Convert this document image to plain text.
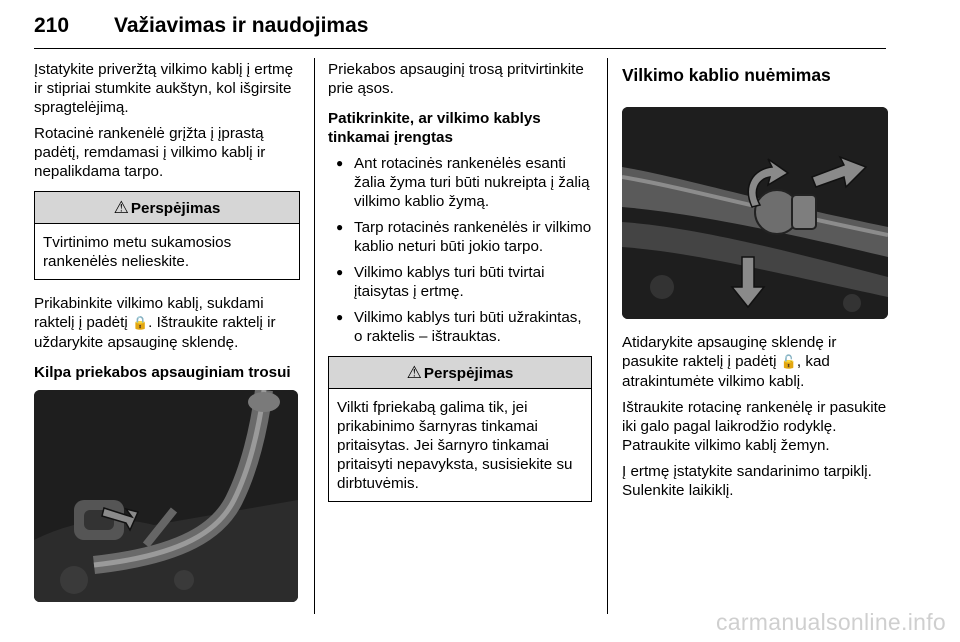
210 Važiavimas ir naudojimas

Įstatykite priveržtą vilkimo kablį į ertmę ir stipriai stumkite aukštyn, kol išgirsite spragtelėjimą.

Rotacinė rankenėlė grįžta į įprastą padėtį, remdamasi į vilkimo kablį ir nepalikdama tarpo.

⚠ Perspėjimas
Tvirtinimo metu sukamosios rankenėlės nelieskite.

Prikabinkite vilkimo kablį, sukdami raktelį į padėtį 🔒. Ištraukite raktelį ir uždarykite apsauginę sklendę.

Kilpa priekabos apsauginiam trosui

Priekabos apsauginį trosą pritvirtinkite prie ąsos.

Patikrinkite, ar vilkimo kablys tinkamai įrengtas

● Ant rotacinės rankenėlės esanti žalia žyma turi būti nukreipta į žalią vilkimo kablio žymą.
● Tarp rotacinės rankenėlės ir vilkimo kablio neturi būti jokio tarpo.
● Vilkimo kablys turi būti tvirtai įtaisytas į ertmę.
● Vilkimo kablys turi būti užrakintas, o raktelis – ištrauktas.
⚠ Perspėjimas
Vilkti fpriekabą galima tik, jei prikabinimo šarnyras tinkamai pritaisytas. Jei šarnyro tinkamai pritaisyti nepavyksta, susisiekite su dirbtuvėmis.
Vilkimo kablio nuėmimas

Atidarykite apsauginę sklendę ir pasukite raktelį į padėtį 🔓, kad atrakintumėte vilkimo kablį.

Ištraukite rotacinę rankenėlę ir pasukite iki galo pagal laikrodžio rodyklę. Patraukite vilkimo kablį žemyn.

Į ertmę įstatykite sandarinimo tarpiklį. Sulenkite laikiklį.

carmanualsonline.info
